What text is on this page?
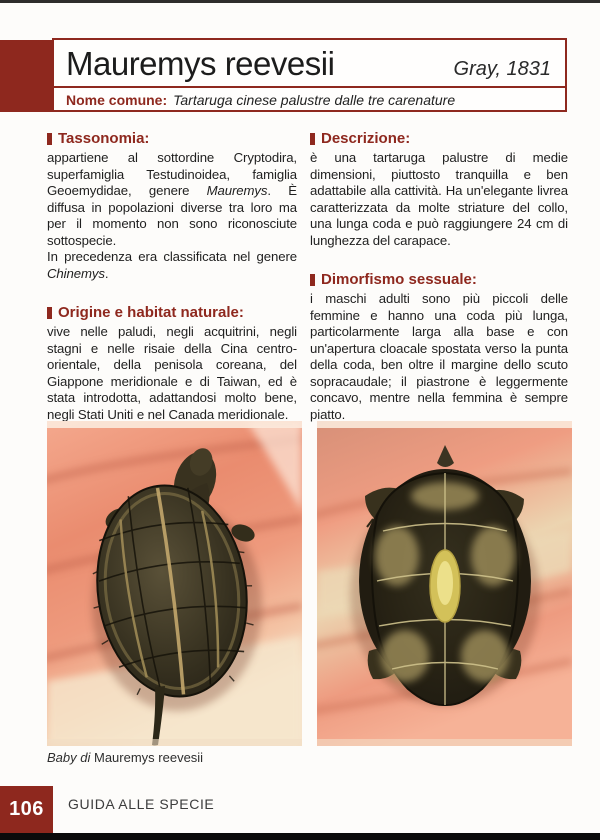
Mauremys reevesii	Gray, 1831
Nome comune: Tartaruga cinese palustre dalle tre carenature
Tassonomia:

appartiene al sottordine Cryptodira, superfamiglia Testudinoidea, famiglia Geoemydidae, genere Mauremys. È diffusa in popolazioni diverse tra loro ma per il momento non sono riconosciute sottospecie.

In precedenza era classificata nel genere Chinemys.

Origine e habitat naturale:

vive nelle paludi, negli acquitrini, negli stagni e nelle risaie della Cina centro-orientale, della penisola coreana, del Giappone meridionale e di Taiwan, ed è stata introdotta, adattandosi molto bene, negli Stati Uniti e nel Canada meridionale.

Descrizione:

è una tartaruga palustre di medie dimensioni, piuttosto tranquilla e ben adattabile alla cattività. Ha un'elegante livrea caratterizzata da molte striature del collo, una lunga coda e può raggiungere 24 cm di lunghezza del carapace.

Dimorfismo sessuale:

i maschi adulti sono più piccoli delle femmine e hanno una coda più lunga, particolarmente larga alla base e con un'apertura cloacale spostata verso la punta della coda, ben oltre il margine dello scuto sopracaudale; il piastrone è leggermente concavo, mentre nella femmina è sempre piatto.

Baby di Mauremys reevesii
106 GUIDA ALLE SPECIE
